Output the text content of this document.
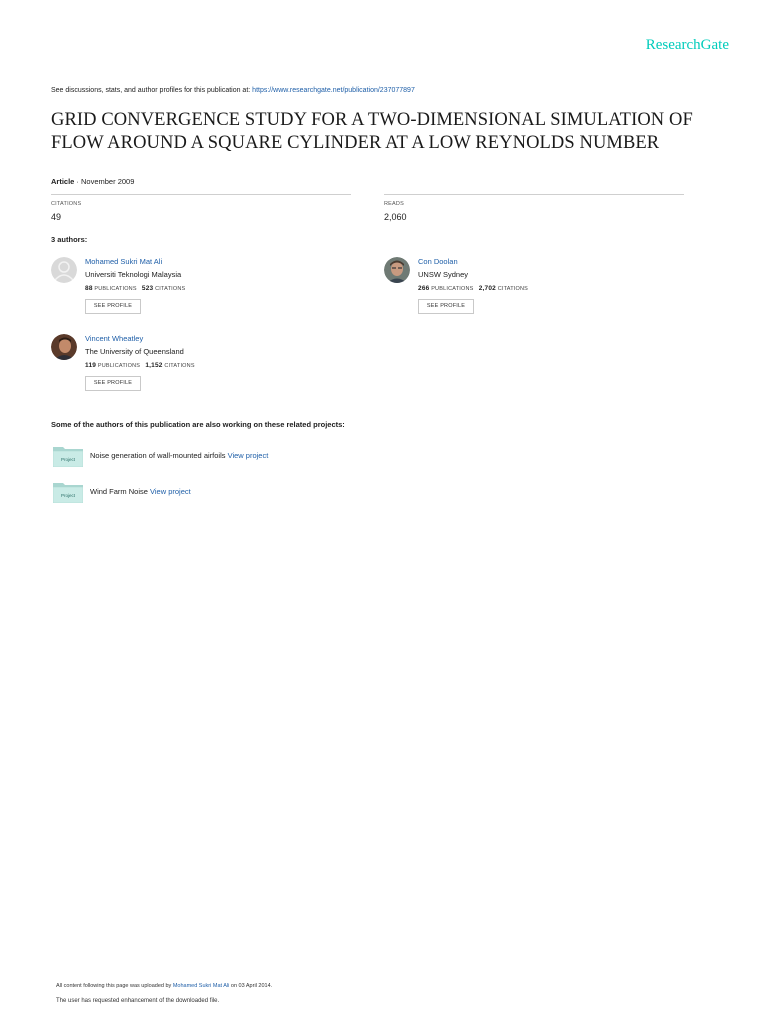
ResearchGate
See discussions, stats, and author profiles for this publication at: https://www.researchgate.net/publication/237077897
GRID CONVERGENCE STUDY FOR A TWO-DIMENSIONAL SIMULATION OF
FLOW AROUND A SQUARE CYLINDER AT A LOW REYNOLDS NUMBER
Article · November 2009
CITATIONS
49
READS
2,060
3 authors:
Mohamed Sukri Mat Ali
Universiti Teknologi Malaysia
88 PUBLICATIONS 523 CITATIONS
SEE PROFILE
Con Doolan
UNSW Sydney
266 PUBLICATIONS 2,702 CITATIONS
SEE PROFILE
Vincent Wheatley
The University of Queensland
119 PUBLICATIONS 1,152 CITATIONS
SEE PROFILE
Some of the authors of this publication are also working on these related projects:
Project Noise generation of wall-mounted airfoils View project
Project Wind Farm Noise View project
All content following this page was uploaded by Mohamed Sukri Mat Ali on 03 April 2014.
The user has requested enhancement of the downloaded file.
